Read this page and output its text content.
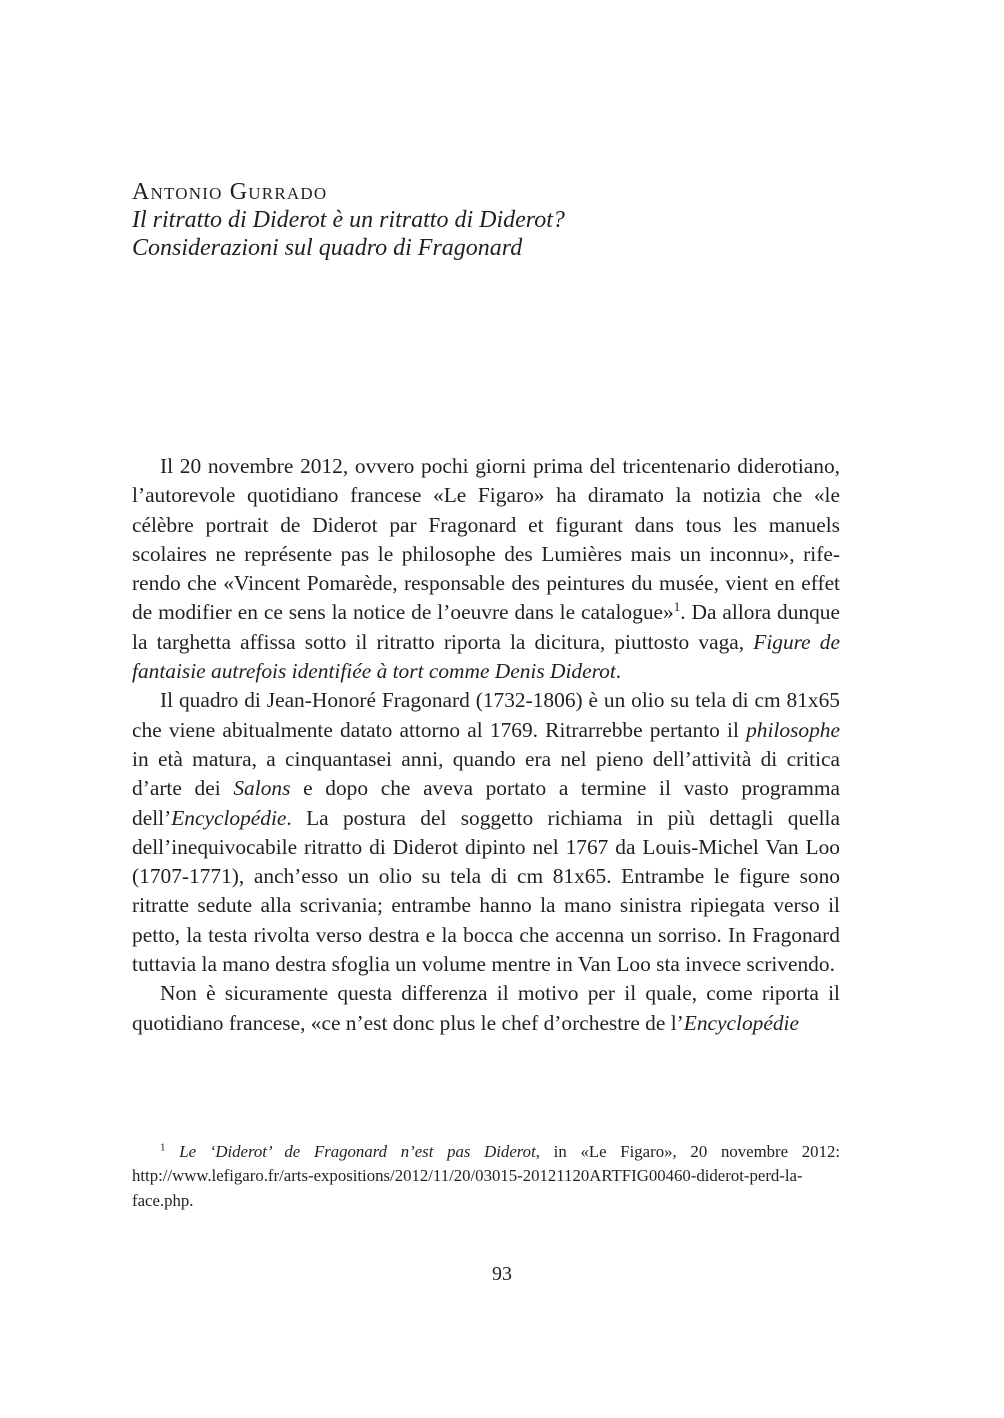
Antonio Gurrado
Il ritratto di Diderot è un ritratto di Diderot?
Considerazioni sul quadro di Fragonard

Il 20 novembre 2012, ovvero pochi giorni prima del tricentenario diderotiano, l’autorevole quotidiano francese «Le Figaro» ha diramato la notizia che «le célèbre portrait de Diderot par Fragonard et figurant dans tous les manuels scolaires ne représente pas le philosophe des Lumières mais un inconnu», riferendo che «Vincent Pomarède, responsable des peintures du musée, vient en effet de modifier en ce sens la notice de l’oeuvre dans le catalogue»$^1$. Da allora dunque la targhetta affissa sotto il ritratto riporta la dicitura, piuttosto vaga, Figure de fantaisie autrefois identifiée à tort comme Denis Diderot.

Il quadro di Jean-Honoré Fragonard (1732-1806) è un olio su tela di cm 81x65 che viene abitualmente datato attorno al 1769. Ritrarrebbe pertanto il philosophe in età matura, a cinquantasei anni, quando era nel pieno dell’attività di critica d’arte dei Salons e dopo che aveva portato a termine il vasto programma dell’Encyclopédie. La postura del soggetto richiama in più dettagli quella dell’inequivocabile ritratto di Diderot dipinto nel 1767 da Louis-Michel Van Loo (1707-1771), anch’esso un olio su tela di cm 81x65. Entrambe le figure sono ritratte sedute alla scrivania; entrambe hanno la mano sinistra ripiegata verso il petto, la testa rivolta verso destra e la bocca che accenna un sorriso. In Fragonard tuttavia la mano destra sfoglia un volume mentre in Van Loo sta invece scrivendo.

Non è sicuramente questa differenza il motivo per il quale, come riporta il quotidiano francese, «ce n’est donc plus le chef d’orchestre de l’Encyclopédie

$^1$ Le ‘Diderot’ de Fragonard n’est pas Diderot, in «Le Figaro», 20 novembre 2012: http://www.lefigaro.fr/arts-expositions/2012/11/20/03015-20121120ARTFIG00460-diderot-perd-la-face.php.

93
